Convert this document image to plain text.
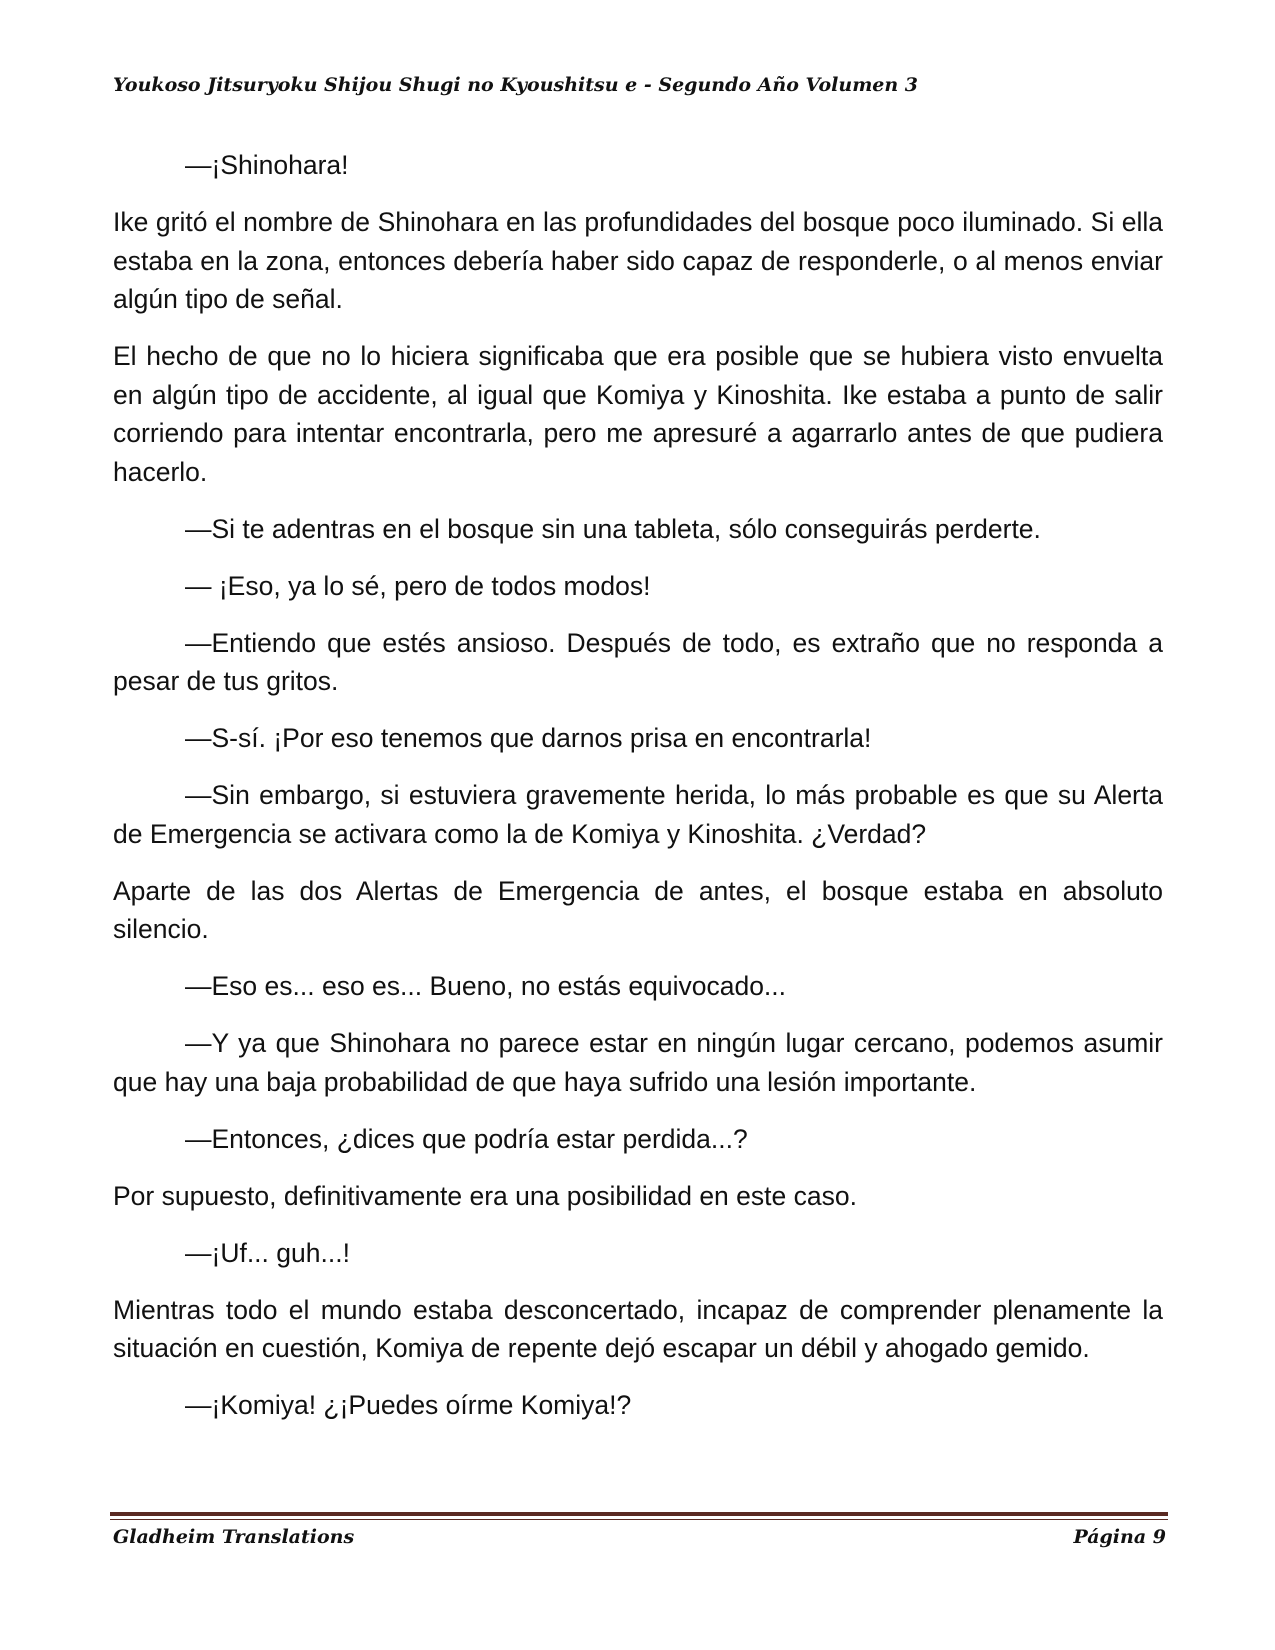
Youkoso Jitsuryoku Shijou Shugi no Kyoushitsu e - Segundo Año Volumen 3

—¡Shinohara!

Ike gritó el nombre de Shinohara en las profundidades del bosque poco iluminado. Si ella estaba en la zona, entonces debería haber sido capaz de responderle, o al menos enviar algún tipo de señal.

El hecho de que no lo hiciera significaba que era posible que se hubiera visto envuelta en algún tipo de accidente, al igual que Komiya y Kinoshita. Ike estaba a punto de salir corriendo para intentar encontrarla, pero me apresuré a agarrarlo antes de que pudiera hacerlo.

—Si te adentras en el bosque sin una tableta, sólo conseguirás perderte.

— ¡Eso, ya lo sé, pero de todos modos!

—Entiendo que estés ansioso. Después de todo, es extraño que no responda a pesar de tus gritos.

—S-sí. ¡Por eso tenemos que darnos prisa en encontrarla!

—Sin embargo, si estuviera gravemente herida, lo más probable es que su Alerta de Emergencia se activara como la de Komiya y Kinoshita. ¿Verdad?

Aparte de las dos Alertas de Emergencia de antes, el bosque estaba en absoluto silencio.

—Eso es... eso es... Bueno, no estás equivocado...

—Y ya que Shinohara no parece estar en ningún lugar cercano, podemos asumir que hay una baja probabilidad de que haya sufrido una lesión importante.

—Entonces, ¿dices que podría estar perdida...?

Por supuesto, definitivamente era una posibilidad en este caso.

—¡Uf... guh...!

Mientras todo el mundo estaba desconcertado, incapaz de comprender plenamente la situación en cuestión, Komiya de repente dejó escapar un débil y ahogado gemido.

—¡Komiya! ¿¡Puedes oírme Komiya!?

Gladheim Translations	Página 9
